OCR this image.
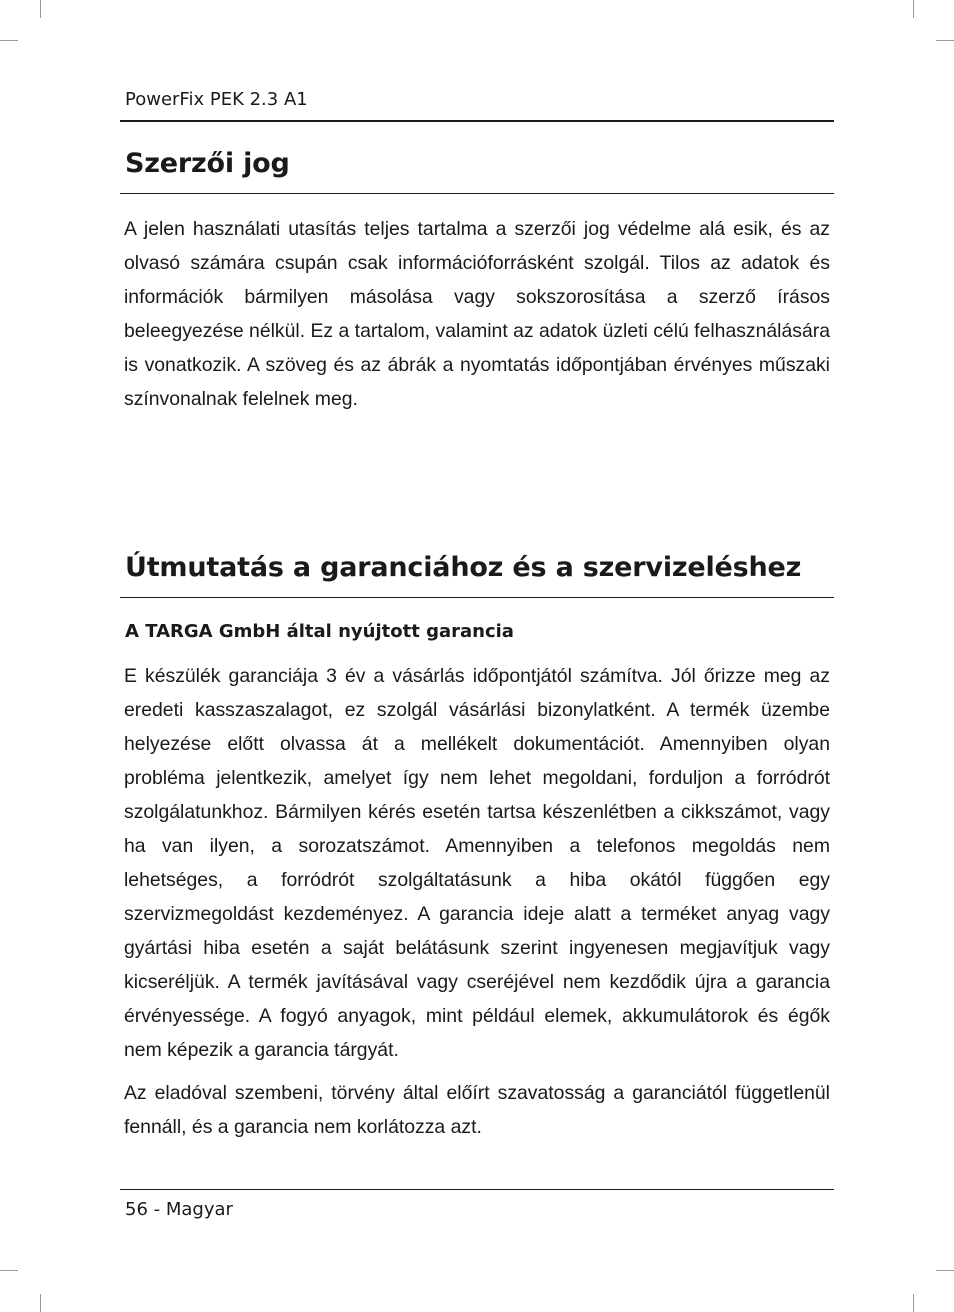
PowerFix PEK 2.3 A1
Szerzői jog

A jelen használati utasítás teljes tartalma a szerzői jog védelme alá esik, és az olvasó számára csupán csak információforrásként szolgál. Tilos az adatok és információk bármilyen másolása vagy sokszorosítása a szerző írásos beleegyezése nélkül. Ez a tartalom, valamint az adatok üzleti célú felhasználására is vonatkozik. A szöveg és az ábrák a nyomtatás időpontjában érvényes műszaki színvonalnak felelnek meg.

Útmutatás a garanciához és a szervizeléshez
A TARGA GmbH által nyújtott garancia

E készülék garanciája 3 év a vásárlás időpontjától számítva. Jól őrizze meg az eredeti kasszaszalagot, ez szolgál vásárlási bizonylatként. A termék üzembe helyezése előtt olvassa át a mellékelt dokumentációt. Amennyiben olyan probléma jelentkezik, amelyet így nem lehet megoldani, forduljon a forródrót szolgálatunkhoz. Bármilyen kérés esetén tartsa készenlétben a cikkszámot, vagy ha van ilyen, a sorozatszámot. Amennyiben a telefonos megoldás nem lehetséges, a forródrót szolgáltatásunk a hiba okától függően egy szervizmegoldást kezdeményez. A garancia ideje alatt a terméket anyag vagy gyártási hiba esetén a saját belátásunk szerint ingyenesen megjavítjuk vagy kicseréljük. A termék javításával vagy cseréjével nem kezdődik újra a garancia érvényessége. A fogyó anyagok, mint például elemek, akkumulátorok és égők nem képezik a garancia tárgyát.

Az eladóval szembeni, törvény által előírt szavatosság a garanciától függetlenül fennáll, és a garancia nem korlátozza azt.

56 - Magyar
